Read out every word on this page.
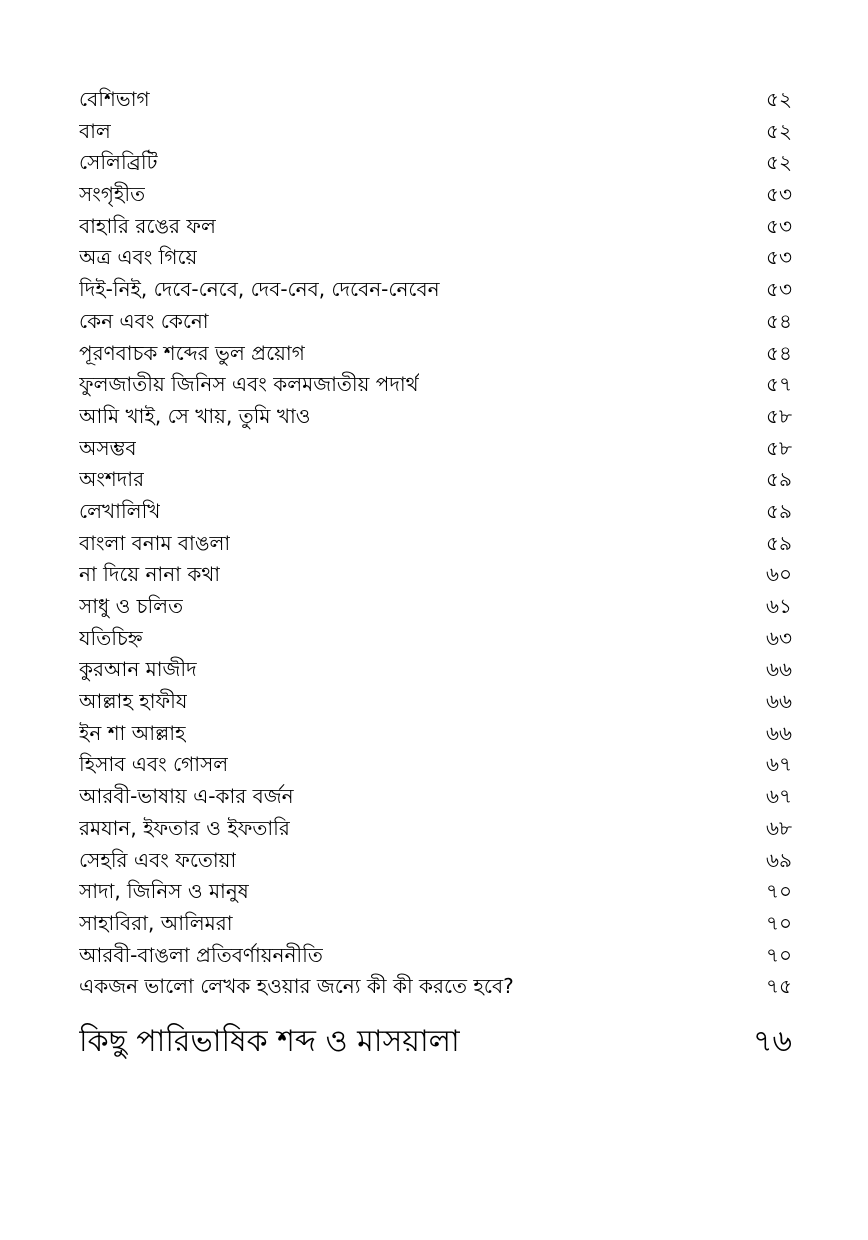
বেশিভাগ	৫২
বাল	৫২
সেলিব্রিটি	৫২
সংগৃহীত	৫৩
বাহারি রঙের ফল	৫৩
অত্র এবং গিয়ে	৫৩
দিই-নিই, দেবে-নেবে, দেব-নেব, দেবেন-নেবেন	৫৩
কেন এবং কেনো	৫৪
পূরণবাচক শব্দের ভুল প্রয়োগ	৫৪
ফুলজাতীয় জিনিস এবং কলমজাতীয় পদার্থ	৫৭
আমি খাই, সে খায়, তুমি খাও	৫৮
অসম্ভব	৫৮
অংশদার	৫৯
লেখালিখি	৫৯
বাংলা বনাম বাঙলা	৫৯
না দিয়ে নানা কথা	৬০
সাধু ও চলিত	৬১
যতিচিহ্ন	৬৩
কুরআন মাজীদ	৬৬
আল্লাহ হাফীয	৬৬
ইন শা আল্লাহ	৬৬
হিসাব এবং গোসল	৬৭
আরবী-ভাষায় এ-কার বর্জন	৬৭
রমযান, ইফতার ও ইফতারি	৬৮
সেহরি এবং ফতোয়া	৬৯
সাদা, জিনিস ও মানুষ	৭০
সাহাবিরা, আলিমরা	৭০
আরবী-বাঙলা প্রতিবর্ণায়ননীতি	৭০
একজন ভালো লেখক হওয়ার জন্যে কী কী করতে হবে?	৭৫
কিছু পারিভাষিক শব্দ ও মাসয়ালা	৭৬
